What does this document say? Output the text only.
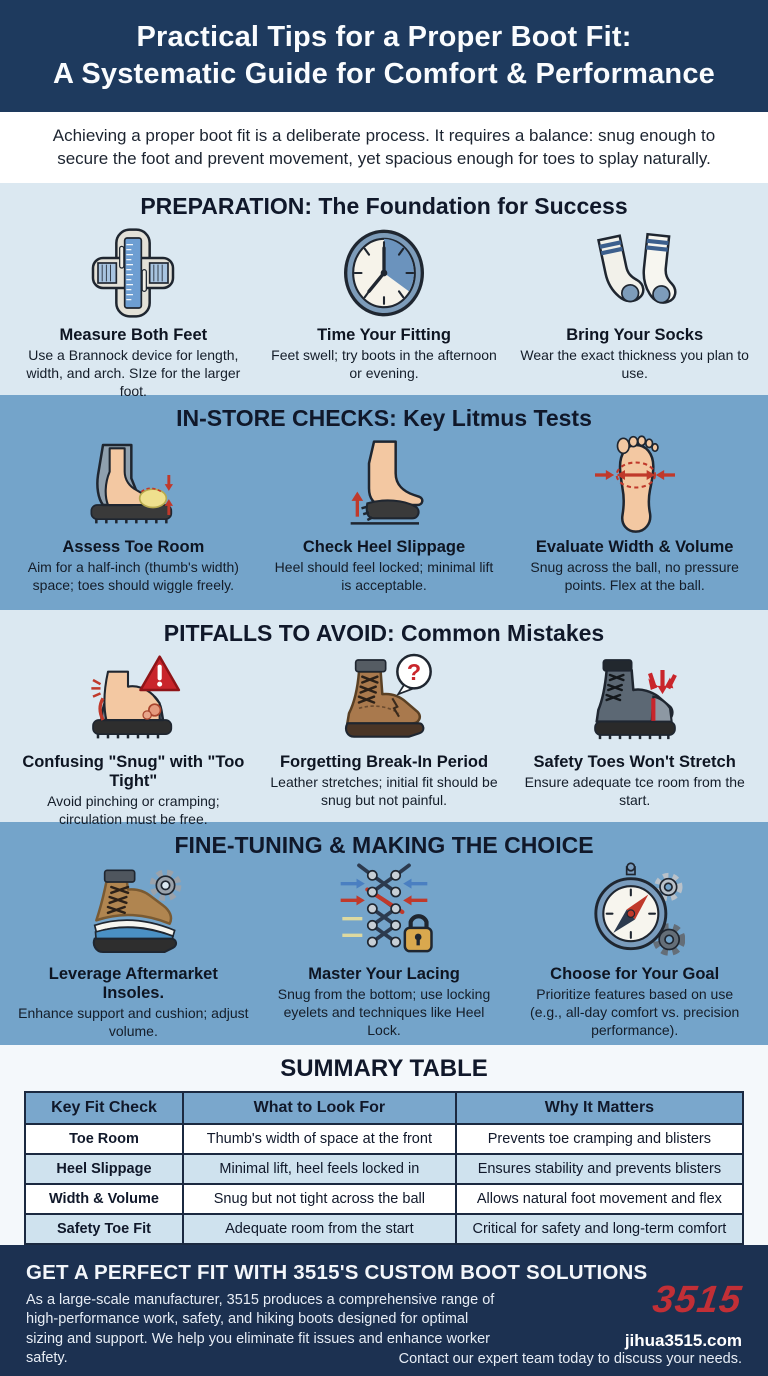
Practical Tips for a Proper Boot Fit:
A Systematic Guide for Comfort & Performance

Achieving a proper boot fit is a deliberate process. It requires a balance: snug enough to secure the foot and prevent movement, yet spacious enough for toes to splay naturally.

PREPARATION: The Foundation for Success
Measure Both Feet

Use a Brannock device for length, width, and arch. SIze for the larger foot.

Time Your Fitting

Feet swell; try boots in the afternoon or evening.

Bring Your Socks

Wear the exact thickness you plan to use.

IN-STORE CHECKS: Key Litmus Tests
Assess Toe Room

Aim for a half-inch (thumb's width) space; toes should wiggle freely.

Check Heel Slippage

Heel should feel locked; minimal lift is acceptable.

Evaluate Width & Volume

Snug across the ball, no pressure points. Flex at the ball.

PITFALLS TO AVOID: Common Mistakes
Confusing "Snug" with "Too Tight"

Avoid pinching or cramping; circulation must be free.

?
Forgetting Break-In Period

Leather stretches; initial fit should be snug but not painful.

Safety Toes Won't Stretch

Ensure adequate tce room from the start.

FINE-TUNING & MAKING THE CHOICE
Leverage Aftermarket Insoles.

Enhance support and cushion; adjust volume.

Master Your Lacing

Snug from the bottom; use locking eyelets and techniques like Heel Lock.

Choose for Your Goal

Prioritize features based on use (e.g., all-day comfort vs. precision performance).

SUMMARY TABLE
Key Fit Check	What to Look For	Why It Matters
Toe Room	Thumb's width of space at the front	Prevents toe cramping and blisters
Heel Slippage	Minimal lift, heel feels locked in	Ensures stability and prevents blisters
Width & Volume	Snug but not tight across the ball	Allows natural foot movement and flex
Safety Toe Fit	Adequate room from the start	Critical for safety and long-term comfort
GET A PERFECT FIT WITH 3515'S CUSTOM BOOT SOLUTIONS

As a large-scale manufacturer, 3515 produces a comprehensive range of high-performance work, safety, and hiking boots designed for optimal sizing and support. We help you eliminate fit issues and enhance worker safety.

3515
jihua3515.com
Contact our expert team today to discuss your needs.
